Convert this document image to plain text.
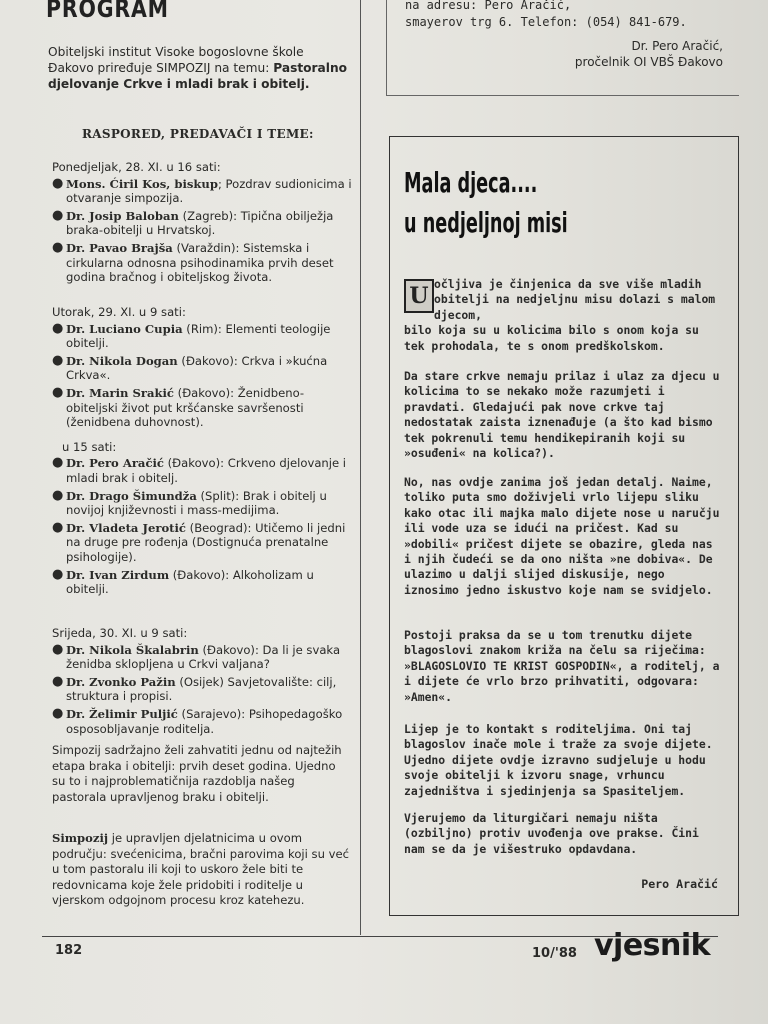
PROGRAM
Obiteljski institut Visoke bogoslovne škole Đakovo priređuje SIMPOZIJ na temu: Pastoralno djelovanje Crkve i mladi brak i obitelj.
RASPORED, PREDAVAČI I TEME:
Ponedjeljak, 28. XI. u 16 sati:
● Mons. Ćiril Kos, biskup; Pozdrav sudionicima i otvaranje simpozija.
● Dr. Josip Baloban (Zagreb): Tipična obilježja braka-obitelji u Hrvatskoj.
● Dr. Pavao Brajša (Varaždin): Sistemska i cirkularna odnosna psihodinamika prvih deset godina bračnog i obiteljskog života.
Utorak, 29. XI. u 9 sati:
● Dr. Luciano Cupia (Rim): Elementi teologije obitelji.
● Dr. Nikola Dogan (Đakovo): Crkva i »kućna Crkva«.
● Dr. Marin Srakić (Đakovo): Ženidbeno-obiteljski život put kršćanske savršenosti (ženidbena duhovnost).
u 15 sati:
● Dr. Pero Aračić (Đakovo): Crkveno djelovanje i mladi brak i obitelj.
● Dr. Drago Šimundža (Split): Brak i obitelj u novijoj književnosti i mass-medijima.
● Dr. Vladeta Jerotić (Beograd): Utičemo li jedni na druge pre rođenja (Dostignuća prenatalne psihologije).
● Dr. Ivan Zirdum (Đakovo): Alkoholizam u obitelji.
Srijeda, 30. XI. u 9 sati:
● Dr. Nikola Škalabrin (Đakovo): Da li je svaka ženidba sklopljena u Crkvi valjana?
● Dr. Zvonko Pažin (Osijek) Savjetovalište: cilj, struktura i propisi.
● Dr. Želimir Puljić (Sarajevo): Psihopedagoško osposobljavanje roditelja.
Simpozij sadržajno želi zahvatiti jednu od najtežih etapa braka i obitelji: prvih deset godina. Ujedno su to i najproblematičnija razdoblja našeg pastorala upravljenog braku i obitelji.
Simpozij je upravljen djelatnicima u ovom području: svećenicima, bračni parovima koji su već u tom pastoralu ili koji to uskoro žele biti te redovnicama koje žele pridobiti i roditelje u vjerskom odgojnom procesu kroz katehezu.
na adresu: Pero Aračić,
smayerov trg 6. Telefon: (054) 841-679.
Dr. Pero Aračić,
pročelnik OI VBŠ Đakovo
Mala djeca....
u nedjeljnoj misi
U očljiva je činjenica da sve više mladih obitelji na nedjeljnu misu dolazi s malom djecom,
bilo koja su u kolicima bilo s onom koja su tek prohodala, te s onom predškolskom.
Da stare crkve nemaju prilaz i ulaz za djecu u kolicima to se nekako može razumjeti i pravdati. Gledajući pak nove crkve taj nedostatak zaista iznenađuje (a što kad bismo tek pokrenuli temu hendikepiranih koji su »osuđeni« na kolica?).
No, nas ovdje zanima još jedan detalj. Naime, toliko puta smo doživjeli vrlo lijepu sliku kako otac ili majka malo dijete nose u naručju ili vode uza se idući na pričest. Kad su »dobili« pričest dijete se obazire, gleda nas i njih čudeći se da ono ništa »ne dobiva«. De ulazimo u dalji slijed diskusije, nego iznosimo jedno iskustvo koje nam se svidjelo.
Postoji praksa da se u tom trenutku dijete blagoslovi znakom križa na čelu sa riječima: »BLAGOSLOVIO TE KRIST GOSPODIN«, a roditelj, a i dijete će vrlo brzo prihvatiti, odgovara: »Amen«.
Lijep je to kontakt s roditeljima. Oni taj blagoslov inače mole i traže za svoje dijete. Ujedno dijete ovdje izravno sudjeluje u hodu svoje obitelji k izvoru snage, vrhuncu zajedništva i sjedinjenja sa Spasiteljem.
Vjerujemo da liturgičari nemaju ništa (ozbiljno) protiv uvođenja ove prakse. Čini nam se da je višestruko opdavdana.
Pero Aračić
182	10/'88 vjesnik
